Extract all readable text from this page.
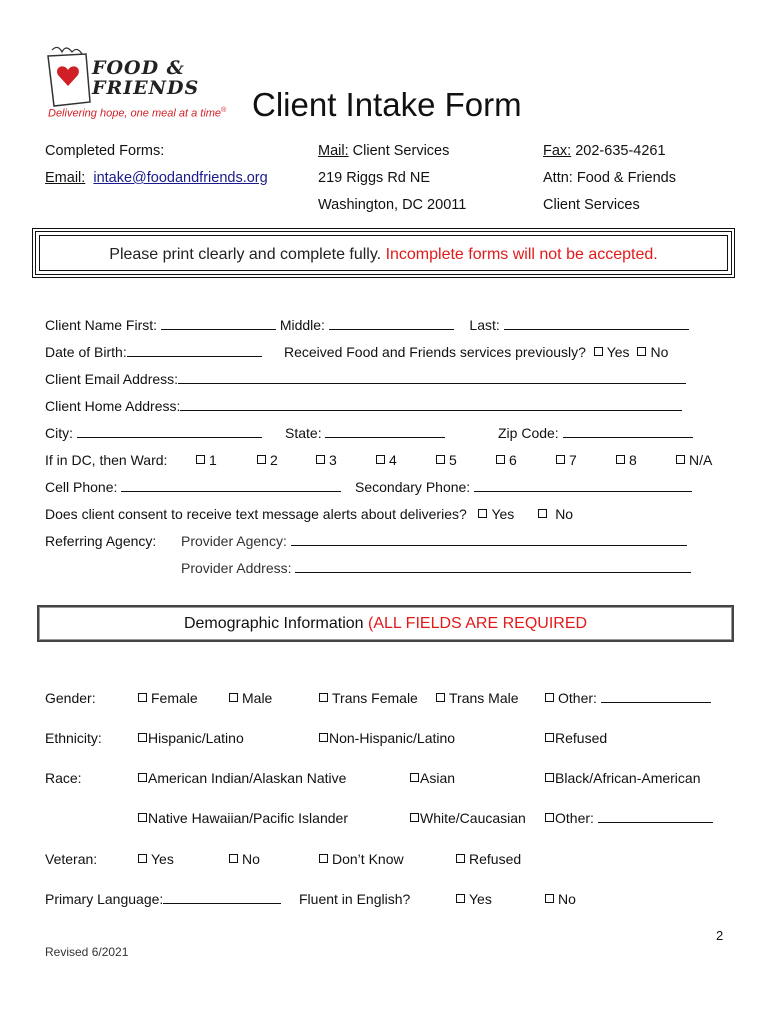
FOOD &
FRIENDS
Delivering hope, one meal at a time® Client Intake Form
Completed Forms:
Email: intake@foodandfriends.org
Mail: Client Services
219 Riggs Rd NE
Washington, DC 20011
Fax: 202-635-4261
Attn: Food & Friends
Client Services
Please print clearly and complete fully. Incomplete forms will not be accepted.
Client Name First:	Middle:	Last:
Date of Birth:	Received Food and Friends services previously? Yes No
Client Email Address:
Client Home Address:
City:	State:	Zip Code:
If in DC, then Ward:	1	2	3	4	5	6	7	8	N/A
Cell Phone:	Secondary Phone:
Does client consent to receive text message alerts about deliveries? Yes	No
Referring Agency: Provider Agency:
Provider Address:
Demographic Information (ALL FIELDS ARE REQUIRED
Gender:	Female	Male	Trans Female	Trans Male	Other:
Ethnicity:	Hispanic/Latino	Non-Hispanic/Latino	Refused
Race:	American Indian/Alaskan Native	Asian	Black/African-American
Native Hawaiian/Pacific Islander	White/Caucasian	Other:
Veteran:	Yes	No	Don’t Know	Refused
Primary Language:	Fluent in English?	Yes	No
2
Revised 6/2021
